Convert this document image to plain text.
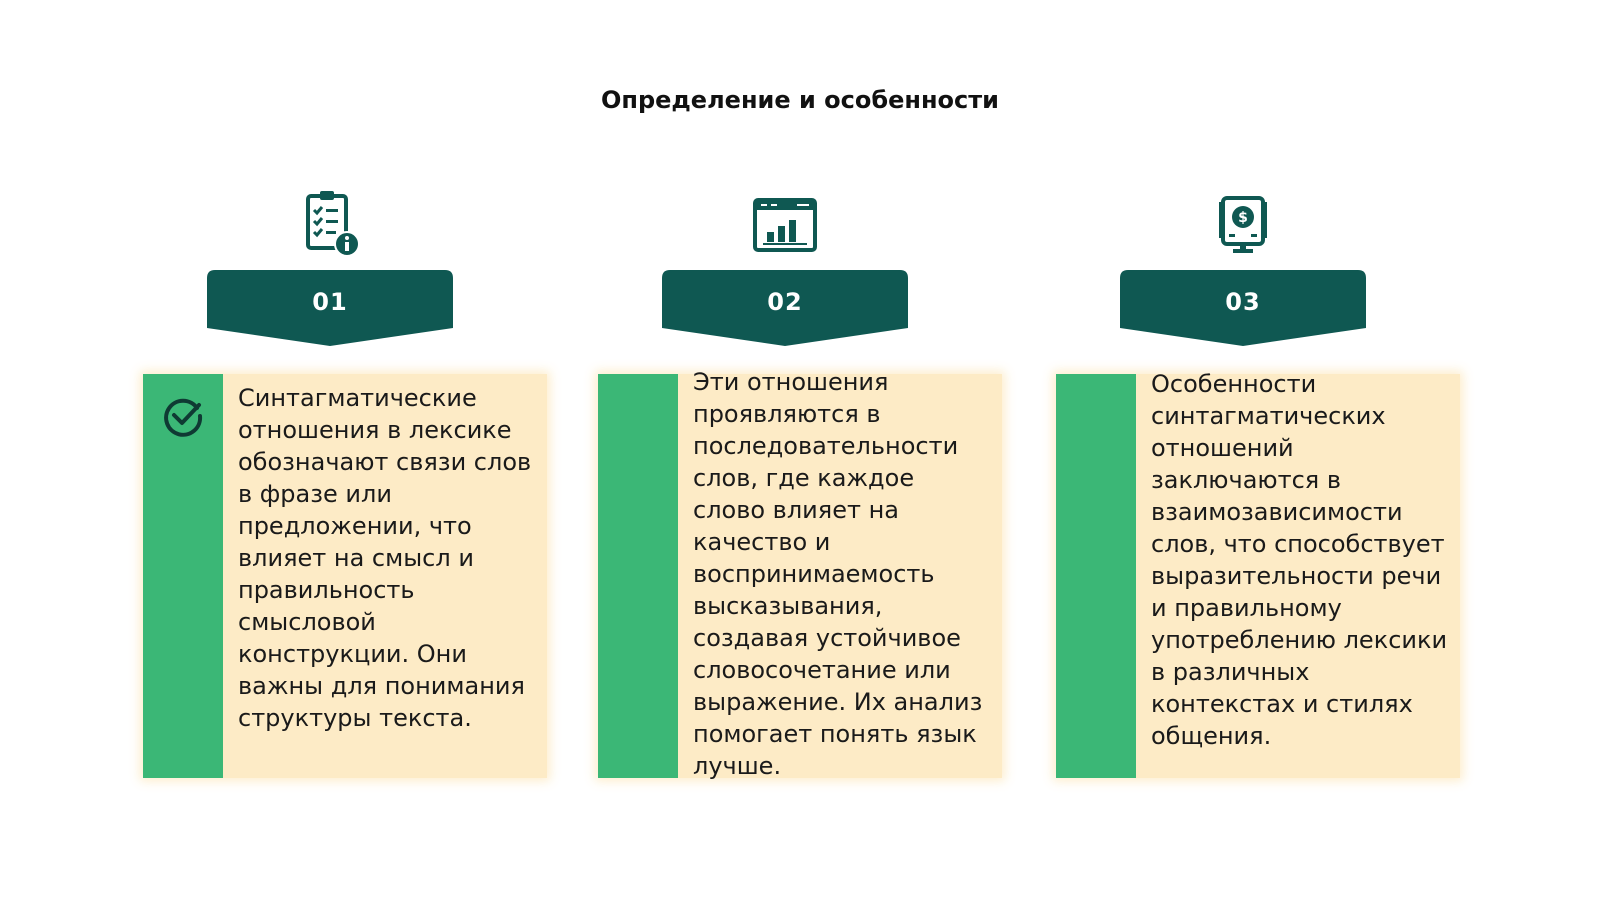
Определение и особенности
01
Синтагматические отношения в лексике обозначают связи слов в фразе или предложении, что влияет на смысл и правильность смысловой конструкции. Они важны для понимания структуры текста.
02
Эти отношения проявляются в последовательности слов, где каждое слово влияет на качество и воспринимаемость высказывания, создавая устойчивое словосочетание или выражение. Их анализ помогает понять язык лучше.
$
03
Особенности синтагматических отношений заключаются в взаимозависимости слов, что способствует выразительности речи и правильному употреблению лексики в различных контекстах и стилях общения.
